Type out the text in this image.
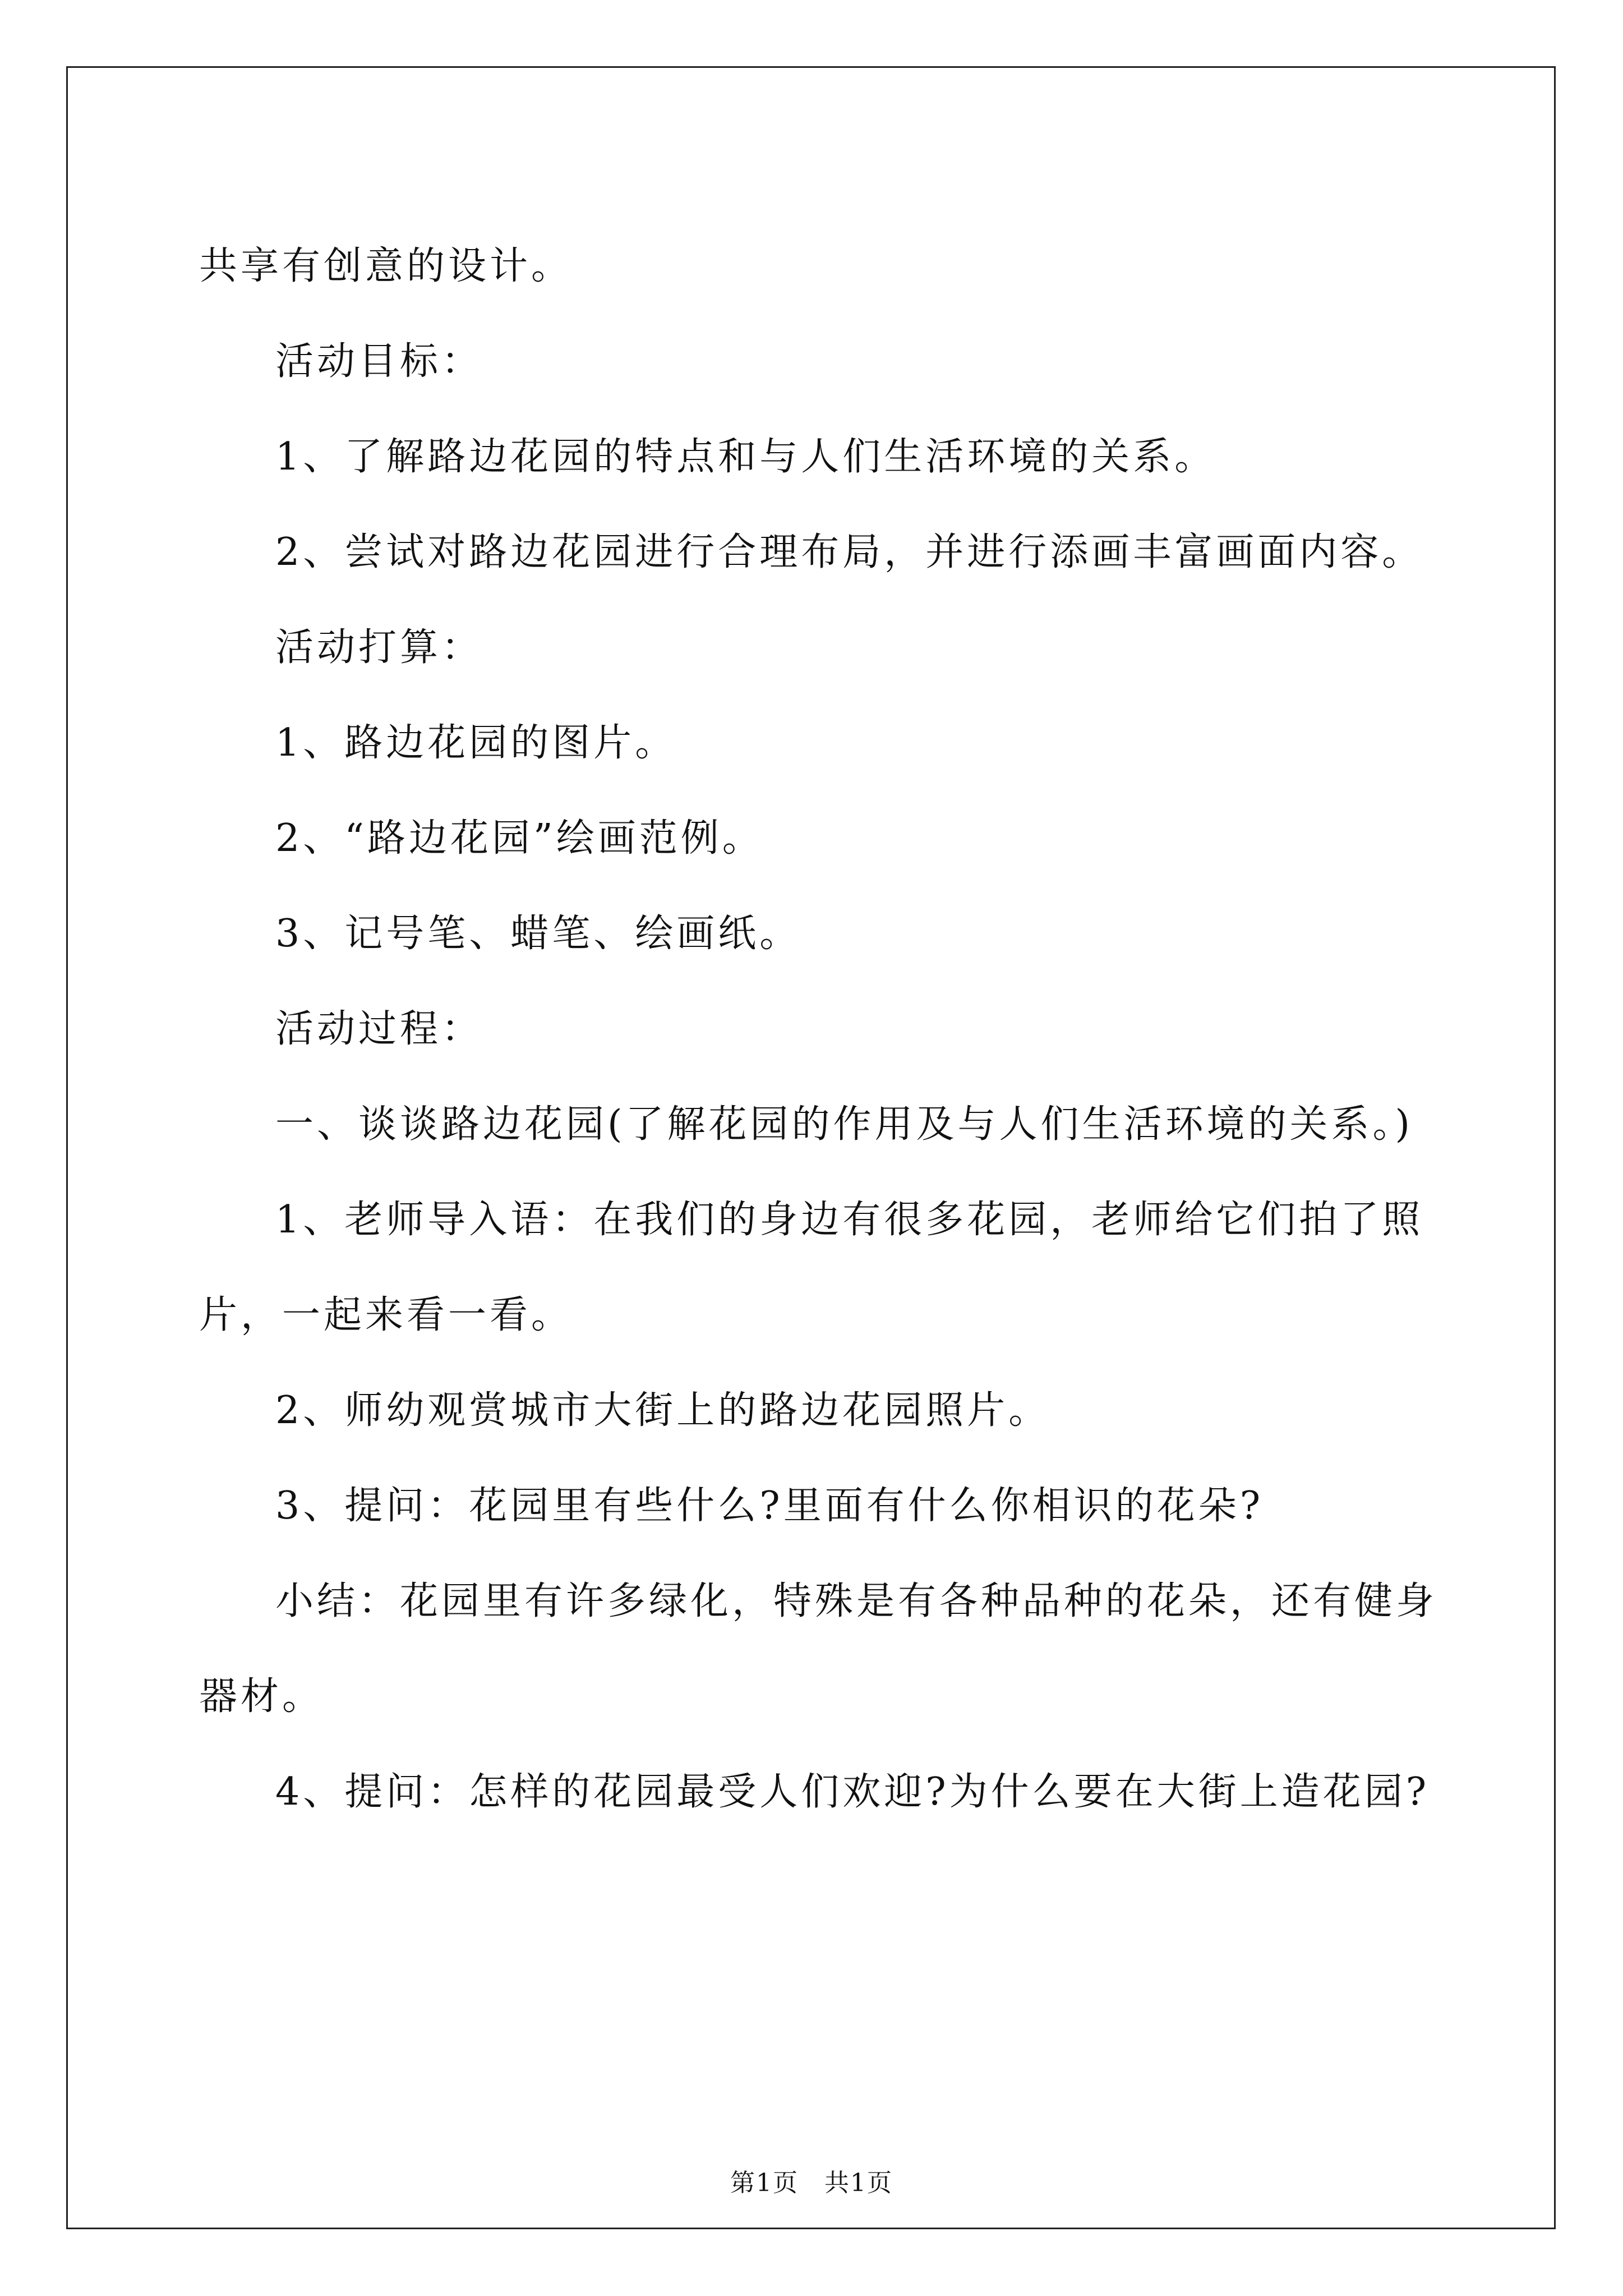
共享有创意的设计。

活动目标：

1、了解路边花园的特点和与人们生活环境的关系。

2、尝试对路边花园进行合理布局，并进行添画丰富画面内容。

活动打算：

1、路边花园的图片。

2、“路边花园”绘画范例。

3、记号笔、蜡笔、绘画纸。

活动过程：

一、谈谈路边花园(了解花园的作用及与人们生活环境的关系。)

1、老师导入语：在我们的身边有很多花园，老师给它们拍了照片，一起来看一看。

2、师幼观赏城市大街上的路边花园照片。

3、提问：花园里有些什么?里面有什么你相识的花朵?

小结：花园里有许多绿化，特殊是有各种品种的花朵，还有健身器材。

4、提问：怎样的花园最受人们欢迎?为什么要在大街上造花园?

第1页　共1页
